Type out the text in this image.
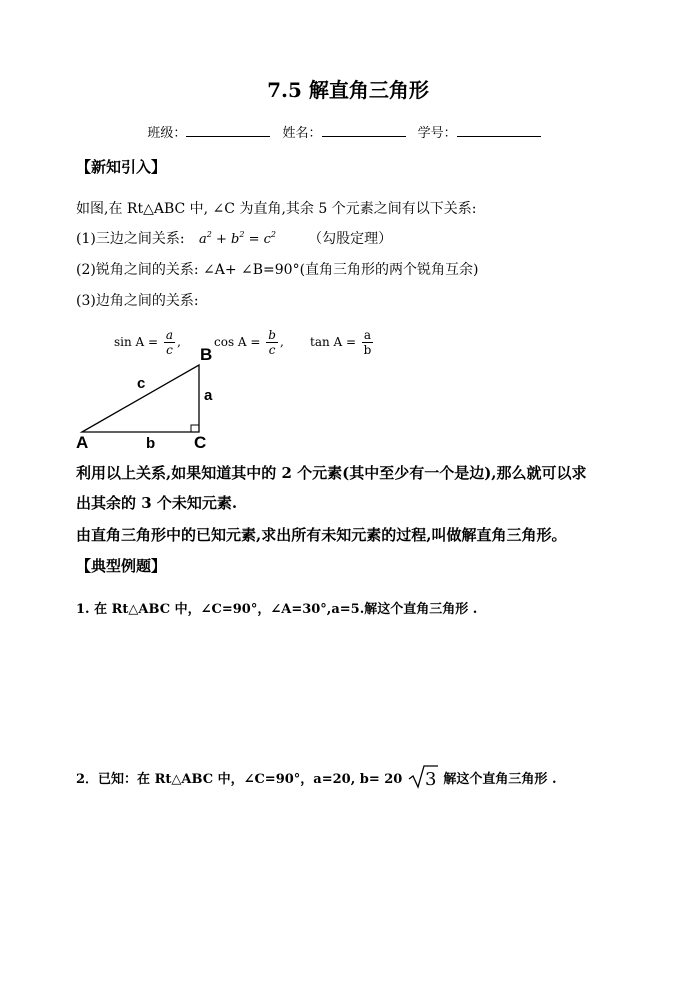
7.5 解直角三角形
班级：	姓名：	学号：
【新知引入】
如图,在 Rt△ABC 中, ∠C 为直角,其余 5 个元素之间有以下关系:
(1)三边之间关系: $a^2 + b^2 = c^2$ （勾股定理）
(2)锐角之间的关系: ∠A+ ∠B=90°(直角三角形的两个锐角互余)
(3)边角之间的关系:
$\sin A = \frac{a}{c}$ ,	$\cos A = \frac{b}{c}$ , $\tan A = \frac{a}{b}$
A
B
C
a
b
c
利用以上关系,如果知道其中的 2 个元素(其中至少有一个是边),那么就可以求
出其余的 3 个未知元素.
由直角三角形中的已知元素,求出所有未知元素的过程,叫做解直角三角形。
【典型例题】
1. 在 Rt△ABC 中，∠C=90°，∠A=30°,a=5.解这个直角三角形 .
2．已知：在 Rt△ABC 中，∠C=90°，a=20, b= 20 3 解这个直角三角形 .
